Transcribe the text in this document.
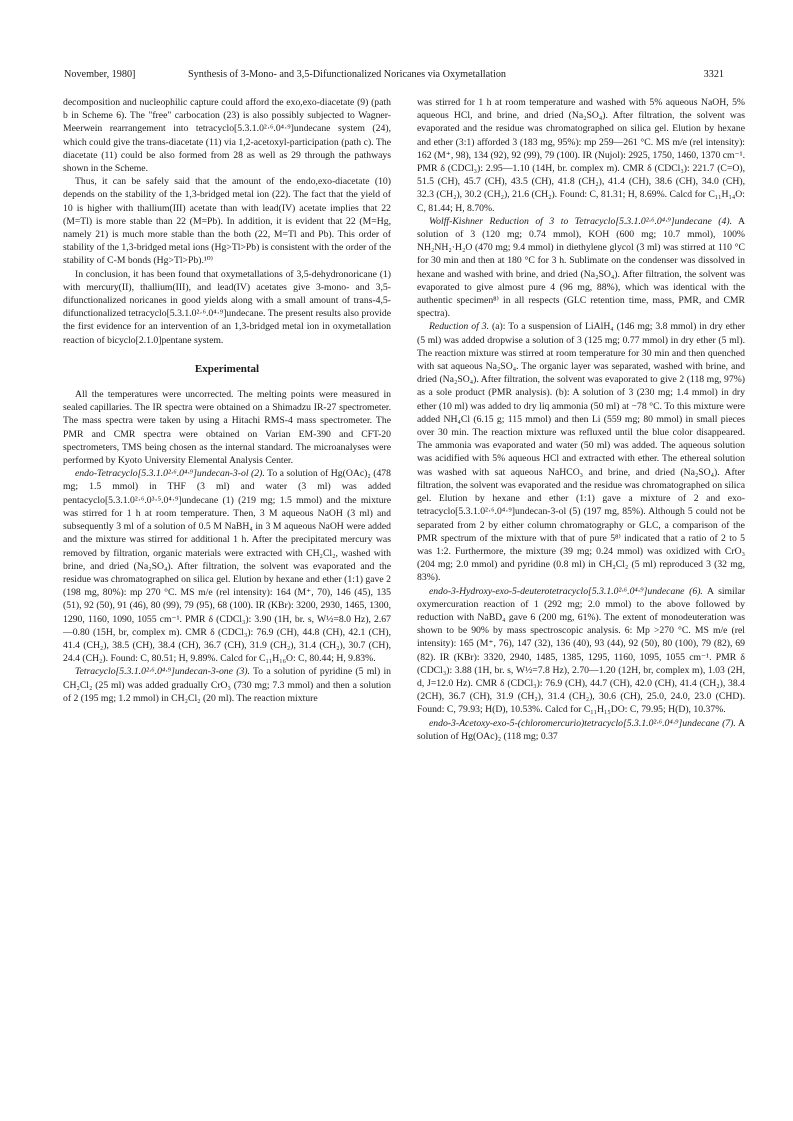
November, 1980]	Synthesis of 3-Mono- and 3,5-Difunctionalized Noricanes via Oxymetallation	3321

decomposition and nucleophilic capture could afford the exo,exo-diacetate (9) (path b in Scheme 6). The "free" carbocation (23) is also possibly subjected to Wagner-Meerwein rearrangement into tetracyclo[5.3.1.0²·⁶.0⁴·⁹]undecane system (24), which could give the trans-diacetate (11) via 1,2-acetoxyl-participation (path c). The diacetate (11) could be also formed from 28 as well as 29 through the pathways shown in the Scheme.

Thus, it can be safely said that the amount of the endo,exo-diacetate (10) depends on the stability of the 1,3-bridged metal ion (22). The fact that the yield of 10 is higher with thallium(III) acetate than with lead(IV) acetate implies that 22 (M=Tl) is more stable than 22 (M=Pb). In addition, it is evident that 22 (M=Hg, namely 21) is much more stable than the both (22, M=Tl and Pb). This order of stability of the 1,3-bridged metal ions (Hg>Tl>Pb) is consistent with the order of the stability of C-M bonds (Hg>Tl>Pb).¹⁰⁾

In conclusion, it has been found that oxymetallations of 3,5-dehydronoricane (1) with mercury(II), thallium(III), and lead(IV) acetates give 3-mono- and 3,5-difunctionalized noricanes in good yields along with a small amount of trans-4,5-difunctionalized tetracyclo[5.3.1.0²·⁶.0⁴·⁹]undecane. The present results also provide the first evidence for an intervention of an 1,3-bridged metal ion in oxymetallation reaction of bicyclo[2.1.0]pentane system.

Experimental

All the temperatures were uncorrected. The melting points were measured in sealed capillaries. The IR spectra were obtained on a Shimadzu IR-27 spectrometer. The mass spectra were taken by using a Hitachi RMS-4 mass spectrometer. The PMR and CMR spectra were obtained on Varian EM-390 and CFT-20 spectrometers, TMS being chosen as the internal standard. The microanalyses were performed by Kyoto University Elemental Analysis Center.

endo-Tetracyclo[5.3.1.0²·⁶.0⁴·⁹]undecan-3-ol (2). To a solution of Hg(OAc)₂ (478 mg; 1.5 mmol) in THF (3 ml) and water (3 ml) was added pentacyclo[5.3.1.0²·⁶.0³·⁵.0⁴·⁹]undecane (1) (219 mg; 1.5 mmol) and the mixture was stirred for 1 h at room temperature. Then, 3 M aqueous NaOH (3 ml) and subsequently 3 ml of a solution of 0.5 M NaBH₄ in 3 M aqueous NaOH were added and the mixture was stirred for additional 1 h. After the precipitated mercury was removed by filtration, organic materials were extracted with CH₂Cl₂, washed with brine, and dried (Na₂SO₄). After filtration, the solvent was evaporated and the residue was chromatographed on silica gel. Elution by hexane and ether (1:1) gave 2 (198 mg, 80%): mp 270 °C. MS m/e (rel intensity): 164 (M⁺, 70), 146 (45), 135 (51), 92 (50), 91 (46), 80 (99), 79 (95), 68 (100). IR (KBr): 3200, 2930, 1465, 1300, 1290, 1160, 1090, 1055 cm⁻¹. PMR δ (CDCl₃): 3.90 (1H, br. s, W½=8.0 Hz), 2.67—0.80 (15H, br, complex m). CMR δ (CDCl₃): 76.9 (CH), 44.8 (CH), 42.1 (CH), 41.4 (CH₂), 38.5 (CH), 38.4 (CH), 36.7 (CH), 31.9 (CH₂), 31.4 (CH₂), 30.7 (CH), 24.4 (CH₂). Found: C, 80.51; H, 9.89%. Calcd for C₁₁H₁₆O: C, 80.44; H, 9.83%.

Tetracyclo[5.3.1.0²·⁶.0⁴·⁹]undecan-3-one (3). To a solution of pyridine (5 ml) in CH₂Cl₂ (25 ml) was added gradually CrO₃ (730 mg; 7.3 mmol) and then a solution of 2 (195 mg; 1.2 mmol) in CH₂Cl₂ (20 ml). The reaction mixture

was stirred for 1 h at room temperature and washed with 5% aqueous NaOH, 5% aqueous HCl, and brine, and dried (Na₂SO₄). After filtration, the solvent was evaporated and the residue was chromatographed on silica gel. Elution by hexane and ether (3:1) afforded 3 (183 mg, 95%): mp 259—261 °C. MS m/e (rel intensity): 162 (M⁺, 98), 134 (92), 92 (99), 79 (100). IR (Nujol): 2925, 1750, 1460, 1370 cm⁻¹. PMR δ (CDCl₃): 2.95—1.10 (14H, br. complex m). CMR δ (CDCl₃): 221.7 (C=O), 51.5 (CH), 45.7 (CH), 43.5 (CH), 41.8 (CH₂), 41.4 (CH), 38.6 (CH), 34.0 (CH), 32.3 (CH₂), 30.2 (CH₂), 21.6 (CH₂). Found: C, 81.31; H, 8.69%. Calcd for C₁₁H₁₄O: C, 81.44; H, 8.70%.

Wolff-Kishner Reduction of 3 to Tetracyclo[5.3.1.0²·⁶.0⁴·⁹]undecane (4). A solution of 3 (120 mg; 0.74 mmol), KOH (600 mg; 10.7 mmol), 100% NH₂NH₂·H₂O (470 mg; 9.4 mmol) in diethylene glycol (3 ml) was stirred at 110 °C for 30 min and then at 180 °C for 3 h. Sublimate on the condenser was dissolved in hexane and washed with brine, and dried (Na₂SO₄). After filtration, the solvent was evaporated to give almost pure 4 (96 mg, 88%), which was identical with the authentic specimen⁸⁾ in all respects (GLC retention time, mass, PMR, and CMR spectra).

Reduction of 3. (a): To a suspension of LiAlH₄ (146 mg; 3.8 mmol) in dry ether (5 ml) was added dropwise a solution of 3 (125 mg; 0.77 mmol) in dry ether (5 ml). The reaction mixture was stirred at room temperature for 30 min and then quenched with sat aqueous Na₂SO₄. The organic layer was separated, washed with brine, and dried (Na₂SO₄). After filtration, the solvent was evaporated to give 2 (118 mg, 97%) as a sole product (PMR analysis). (b): A solution of 3 (230 mg; 1.4 mmol) in dry ether (10 ml) was added to dry liq ammonia (50 ml) at −78 °C. To this mixture were added NH₄Cl (6.15 g; 115 mmol) and then Li (559 mg; 80 mmol) in small pieces over 30 min. The reaction mixture was refluxed until the blue color disappeared. The ammonia was evaporated and water (50 ml) was added. The aqueous solution was acidified with 5% aqueous HCl and extracted with ether. The ethereal solution was washed with sat aqueous NaHCO₃ and brine, and dried (Na₂SO₄). After filtration, the solvent was evaporated and the residue was chromatographed on silica gel. Elution by hexane and ether (1:1) gave a mixture of 2 and exo-tetracyclo[5.3.1.0²·⁶.0⁴·⁹]undecan-3-ol (5) (197 mg, 85%). Although 5 could not be separated from 2 by either column chromatography or GLC, a comparison of the PMR spectrum of the mixture with that of pure 5⁸⁾ indicated that a ratio of 2 to 5 was 1:2. Furthermore, the mixture (39 mg; 0.24 mmol) was oxidized with CrO₃ (204 mg; 2.0 mmol) and pyridine (0.8 ml) in CH₂Cl₂ (5 ml) reproduced 3 (32 mg, 83%).

endo-3-Hydroxy-exo-5-deuterotetracyclo[5.3.1.0²·⁶.0⁴·⁹]undecane (6). A similar oxymercuration reaction of 1 (292 mg; 2.0 mmol) to the above followed by reduction with NaBD₄ gave 6 (200 mg, 61%). The extent of monodeuteration was shown to be 90% by mass spectroscopic analysis. 6: Mp >270 °C. MS m/e (rel intensity): 165 (M⁺, 76), 147 (32), 136 (40), 93 (44), 92 (50), 80 (100), 79 (82), 69 (82). IR (KBr): 3320, 2940, 1485, 1385, 1295, 1160, 1095, 1055 cm⁻¹. PMR δ (CDCl₃): 3.88 (1H, br. s, W½=7.8 Hz), 2.70—1.20 (12H, br, complex m), 1.03 (2H, d, J=12.0 Hz). CMR δ (CDCl₃): 76.9 (CH), 44.7 (CH), 42.0 (CH), 41.4 (CH₂), 38.4 (2CH), 36.7 (CH), 31.9 (CH₂), 31.4 (CH₂), 30.6 (CH), 25.0, 24.0, 23.0 (CHD). Found: C, 79.93; H(D), 10.53%. Calcd for C₁₁H₁₅DO: C, 79.95; H(D), 10.37%.

endo-3-Acetoxy-exo-5-(chloromercurio)tetracyclo[5.3.1.0²·⁶.0⁴·⁹]undecane (7). A solution of Hg(OAc)₂ (118 mg; 0.37
